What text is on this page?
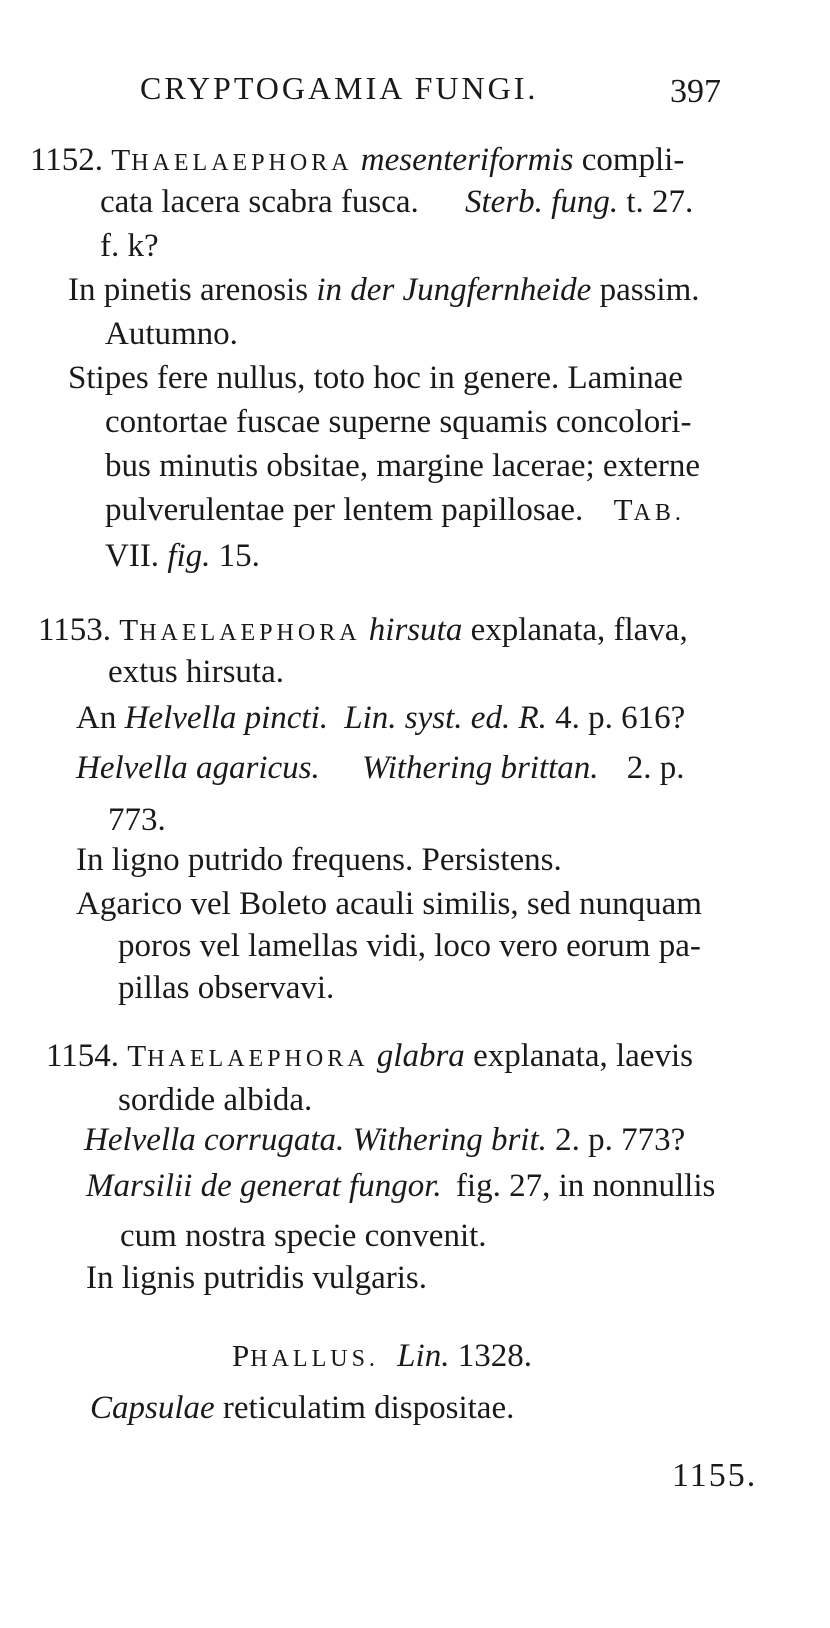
CRYPTOGAMIA FUNGI.	397
1152. THAELAEPHORA mesenteriformis compli-
cata lacera scabra fusca. Sterb. fung. t. 27.
f. k?
In pinetis arenosis in der Jungfernheide passim.
Autumno.
Stipes fere nullus, toto hoc in genere. Laminae
contortae fuscae superne squamis concolori-
bus minutis obsitae, margine lacerae; externe
pulverulentae per lentem papillosae. TAB.
VII. fig. 15.
1153. THAELAEPHORA hirsuta explanata, flava,
extus hirsuta.
An Helvella pincti. Lin. syst. ed. R. 4. p. 616?
Helvella agaricus. Withering brittan. 2. p.
773.
In ligno putrido frequens. Persistens.
Agarico vel Boleto acauli similis, sed nunquam
poros vel lamellas vidi, loco vero eorum pa-
pillas observavi.
1154. THAELAEPHORA glabra explanata, laevis
sordide albida.
Helvella corrugata. Withering brit. 2. p. 773?
Marsilii de generat fungor. fig. 27, in nonnullis
cum nostra specie convenit.
In lignis putridis vulgaris.
PHALLUS. Lin. 1328.
Capsulae reticulatim dispositae.
1155.
